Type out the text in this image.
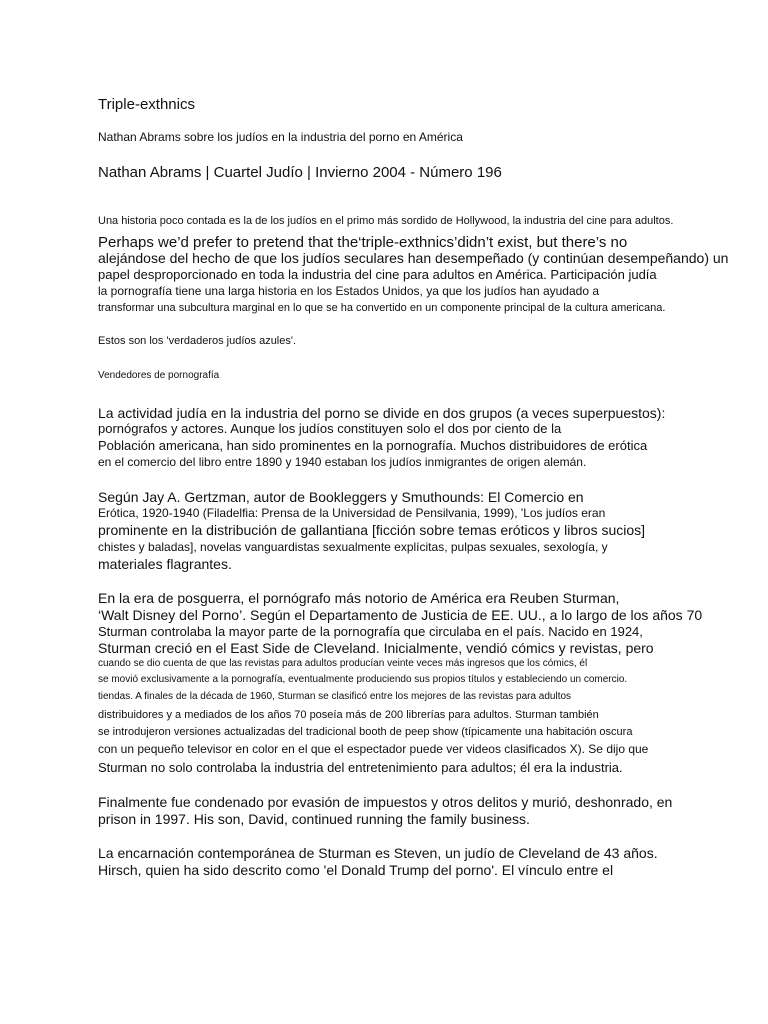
Triple-exthnics
Nathan Abrams sobre los judíos en la industria del porno en América
Nathan Abrams | Cuartel Judío | Invierno 2004 - Número 196
Una historia poco contada es la de los judíos en el primo más sordido de Hollywood, la industria del cine para adultos.
Perhaps we’d prefer to pretend that the‘triple-exthnics’didn’t exist, but there’s no
alejándose del hecho de que los judíos seculares han desempeñado (y continúan desempeñando) un
papel desproporcionado en toda la industria del cine para adultos en América. Participación judía
la pornografía tiene una larga historia en los Estados Unidos, ya que los judíos han ayudado a
transformar una subcultura marginal en lo que se ha convertido en un componente principal de la cultura americana.
Estos son los 'verdaderos judíos azules'.
Vendedores de pornografía
La actividad judía en la industria del porno se divide en dos grupos (a veces superpuestos):
pornógrafos y actores. Aunque los judíos constituyen solo el dos por ciento de la
Población americana, han sido prominentes en la pornografía. Muchos distribuidores de erótica
en el comercio del libro entre 1890 y 1940 estaban los judíos inmigrantes de origen alemán.
Según Jay A. Gertzman, autor de Bookleggers y Smuthounds: El Comercio en
Erótica, 1920-1940 (Filadelfia: Prensa de la Universidad de Pensilvania, 1999), 'Los judíos eran
prominente en la distribución de gallantiana [ficción sobre temas eróticos y libros sucios]
chistes y baladas], novelas vanguardistas sexualmente explícitas, pulpas sexuales, sexología, y
materiales flagrantes.
En la era de posguerra, el pornógrafo más notorio de América era Reuben Sturman,
‘Walt Disney del Porno’. Según el Departamento de Justicia de EE. UU., a lo largo de los años 70
Sturman controlaba la mayor parte de la pornografía que circulaba en el país. Nacido en 1924,
Sturman creció en el East Side de Cleveland. Inicialmente, vendió cómics y revistas, pero
cuando se dio cuenta de que las revistas para adultos producían veinte veces más ingresos que los cómics, él
se movió exclusivamente a la pornografía, eventualmente produciendo sus propios títulos y estableciendo un comercio.
tiendas. A finales de la década de 1960, Sturman se clasificó entre los mejores de las revistas para adultos
distribuidores y a mediados de los años 70 poseía más de 200 librerías para adultos. Sturman también
se introdujeron versiones actualizadas del tradicional booth de peep show (típicamente una habitación oscura
con un pequeño televisor en color en el que el espectador puede ver videos clasificados X). Se dijo que
Sturman no solo controlaba la industria del entretenimiento para adultos; él era la industria.
Finalmente fue condenado por evasión de impuestos y otros delitos y murió, deshonrado, en
prison in 1997. His son, David, continued running the family business.
La encarnación contemporánea de Sturman es Steven, un judío de Cleveland de 43 años.
Hirsch, quien ha sido descrito como 'el Donald Trump del porno'. El vínculo entre el
